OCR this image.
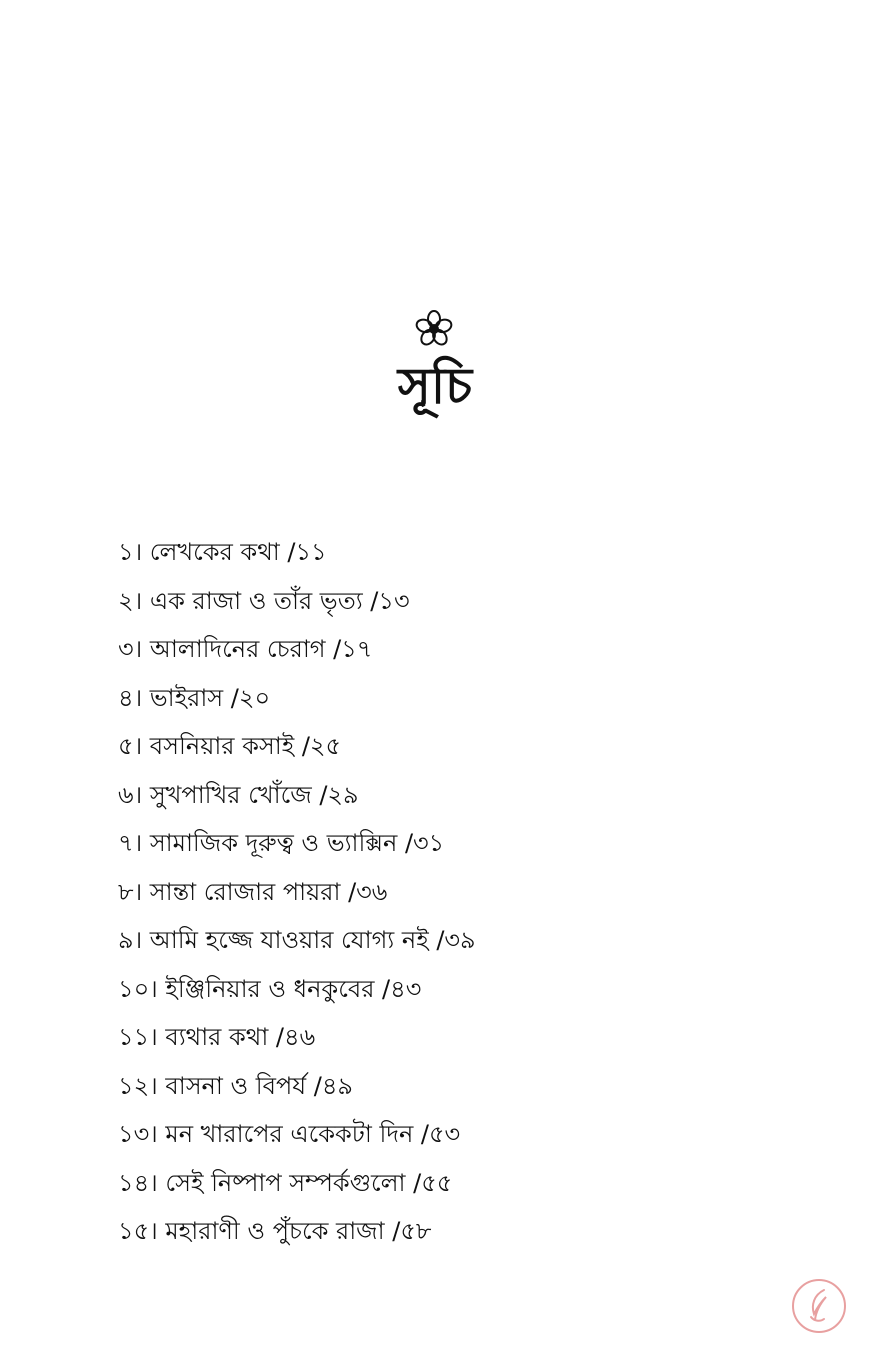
সূচি
১। লেখকের কথা /১১
২। এক রাজা ও তাঁর ভৃত্য /১৩
৩। আলাদিনের চেরাগ /১৭
৪। ভাইরাস /২০
৫। বসনিয়ার কসাই /২৫
৬। সুখপাখির খোঁজে /২৯
৭। সামাজিক দূরুত্ব ও ভ্যাক্সিন /৩১
৮। সান্তা রোজার পায়রা /৩৬
৯। আমি হজ্জে যাওয়ার যোগ্য নই /৩৯
১০। ইঞ্জিনিয়ার ও ধনকুবের /৪৩
১১। ব্যথার কথা /৪৬
১২। বাসনা ও বিপর্য /৪৯
১৩। মন খারাপের একেকটা দিন /৫৩
১৪। সেই নিষ্পাপ সম্পর্কগুলো /৫৫
১৫। মহারাণী ও পুঁচকে রাজা /৫৮
